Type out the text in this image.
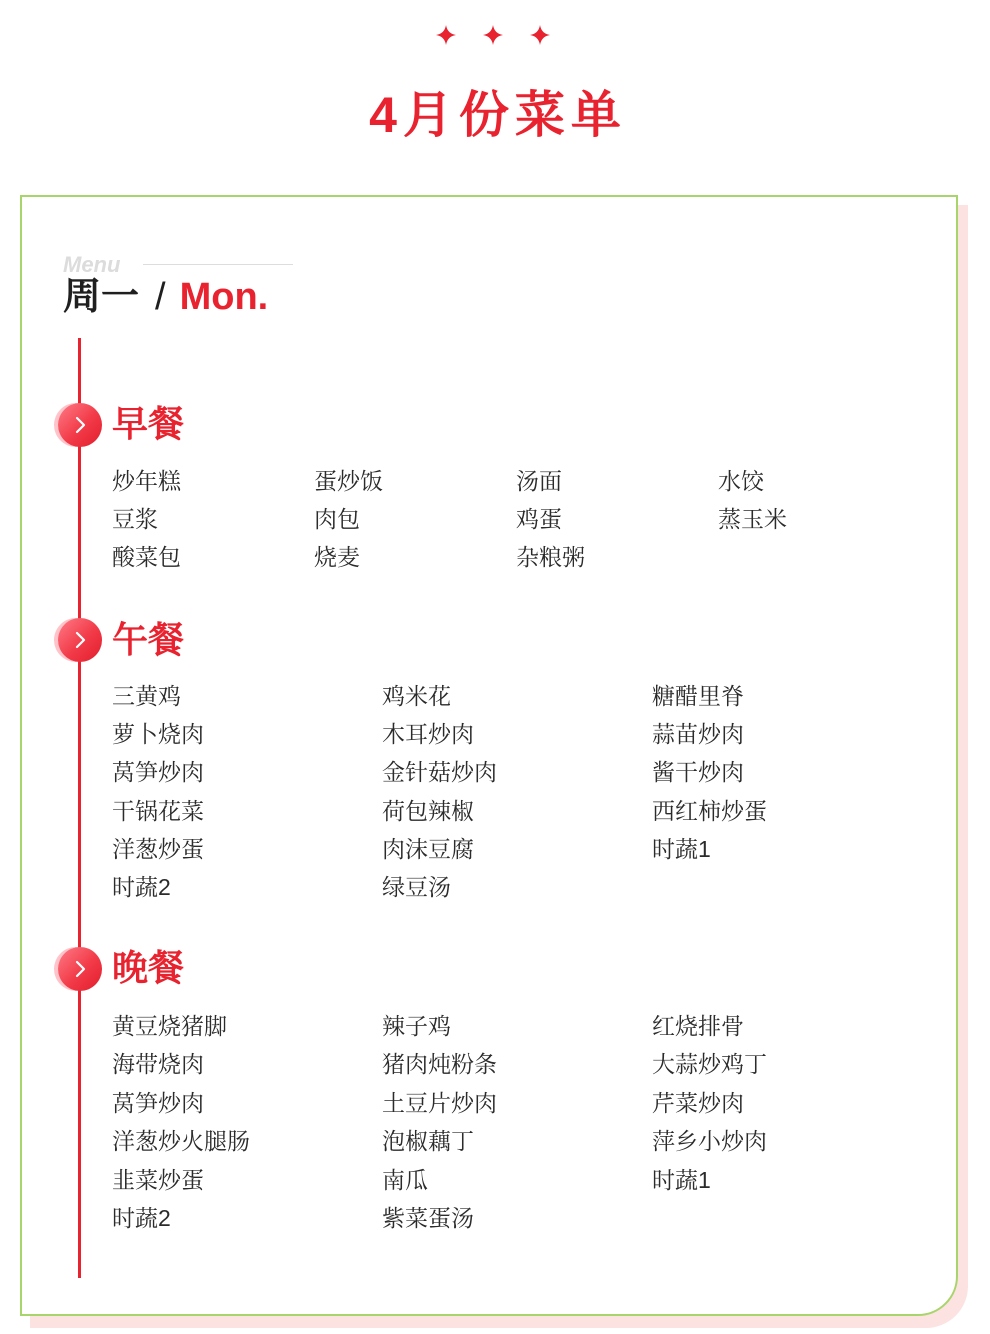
4月份菜单
Menu
周一 / Mon.
早餐
午餐
晚餐
炒年糕	蛋炒饭	汤面	水饺
豆浆	肉包	鸡蛋	蒸玉米
酸菜包	烧麦	杂粮粥
三黄鸡	鸡米花	糖醋里脊
萝卜烧肉	木耳炒肉	蒜苗炒肉
莴笋炒肉	金针菇炒肉	酱干炒肉
干锅花菜	荷包辣椒	西红柿炒蛋
洋葱炒蛋	肉沫豆腐	时蔬1
时蔬2	绿豆汤
黄豆烧猪脚	辣子鸡	红烧排骨
海带烧肉	猪肉炖粉条	大蒜炒鸡丁
莴笋炒肉	土豆片炒肉	芹菜炒肉
洋葱炒火腿肠	泡椒藕丁	萍乡小炒肉
韭菜炒蛋	南瓜	时蔬1
时蔬2	紫菜蛋汤
